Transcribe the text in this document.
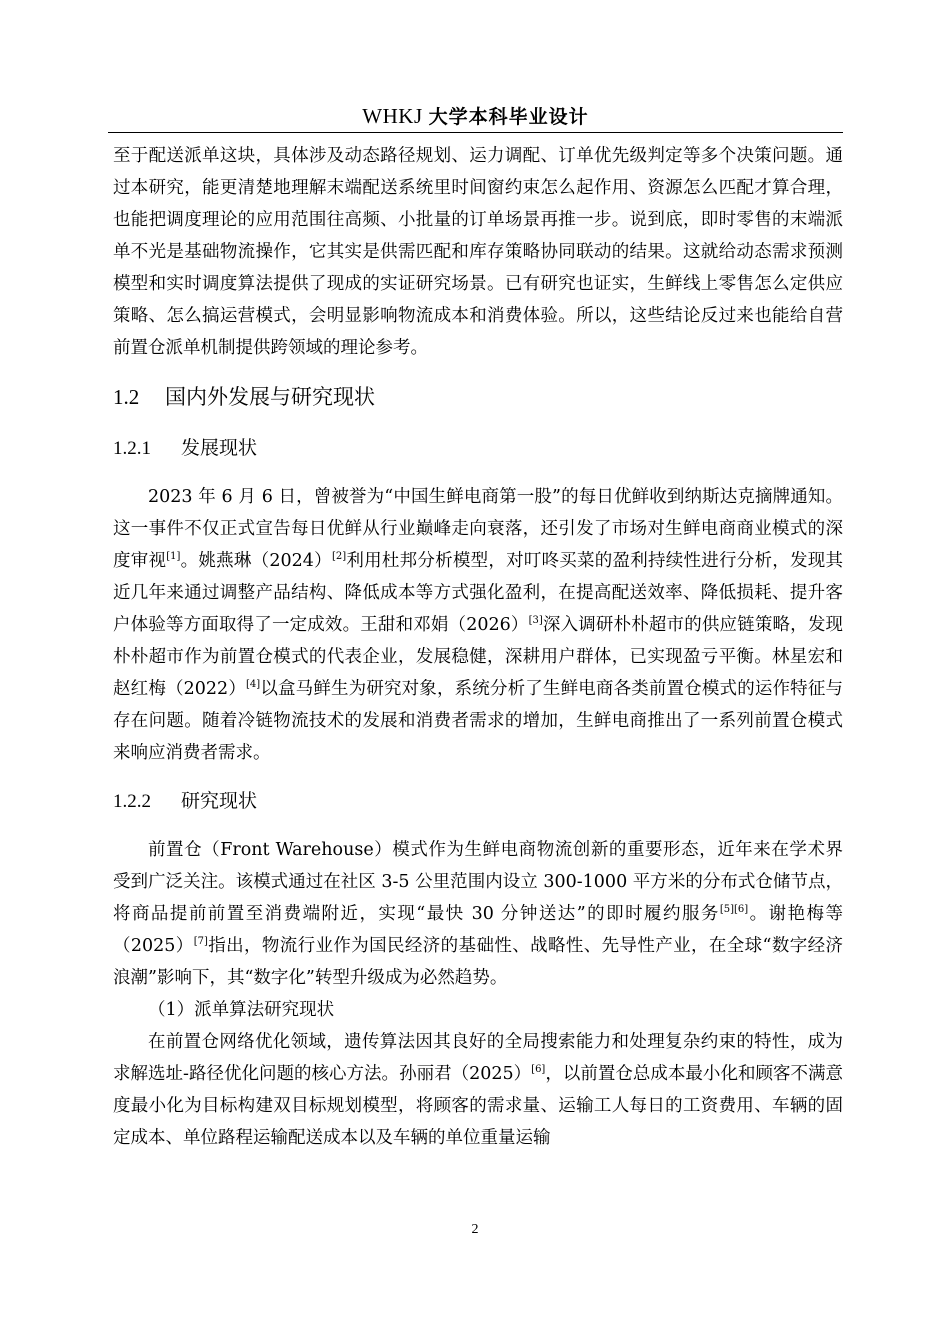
WHKJ 大学本科毕业设计

至于配送派单这块，具体涉及动态路径规划、运力调配、订单优先级判定等多个决策问题。通过本研究，能更清楚地理解末端配送系统里时间窗约束怎么起作用、资源怎么匹配才算合理，也能把调度理论的应用范围往高频、小批量的订单场景再推一步。说到底，即时零售的末端派单不光是基础物流操作，它其实是供需匹配和库存策略协同联动的结果。这就给动态需求预测模型和实时调度算法提供了现成的实证研究场景。已有研究也证实，生鲜线上零售怎么定供应策略、怎么搞运营模式，会明显影响物流成本和消费体验。所以，这些结论反过来也能给自营前置仓派单机制提供跨领域的理论参考。

1.2 国内外发展与研究现状
1.2.1 发展现状

2023 年 6 月 6 日，曾被誉为“中国生鲜电商第一股”的每日优鲜收到纳斯达克摘牌通知。这一事件不仅正式宣告每日优鲜从行业巅峰走向衰落，还引发了市场对生鲜电商商业模式的深度审视[1]。姚燕琳（2024）[2]利用杜邦分析模型，对叮咚买菜的盈利持续性进行分析，发现其近几年来通过调整产品结构、降低成本等方式强化盈利，在提高配送效率、降低损耗、提升客户体验等方面取得了一定成效。王甜和邓娟（2026）[3]深入调研朴朴超市的供应链策略，发现朴朴超市作为前置仓模式的代表企业，发展稳健，深耕用户群体，已实现盈亏平衡。林星宏和赵红梅（2022）[4]以盒马鲜生为研究对象，系统分析了生鲜电商各类前置仓模式的运作特征与存在问题。随着冷链物流技术的发展和消费者需求的增加，生鲜电商推出了一系列前置仓模式来响应消费者需求。

1.2.2 研究现状

前置仓（Front Warehouse）模式作为生鲜电商物流创新的重要形态，近年来在学术界受到广泛关注。该模式通过在社区 3-5 公里范围内设立 300-1000 平方米的分布式仓储节点，将商品提前前置至消费端附近，实现“最快 30 分钟送达”的即时履约服务[5][6]。谢艳梅等（2025）[7]指出，物流行业作为国民经济的基础性、战略性、先导性产业，在全球“数字经济浪潮”影响下，其“数字化”转型升级成为必然趋势。

（1）派单算法研究现状

在前置仓网络优化领域，遗传算法因其良好的全局搜索能力和处理复杂约束的特性，成为求解选址-路径优化问题的核心方法。孙丽君（2025）[6]，以前置仓总成本最小化和顾客不满意度最小化为目标构建双目标规划模型，将顾客的需求量、运输工人每日的工资费用、车辆的固定成本、单位路程运输配送成本以及车辆的单位重量运输

2
